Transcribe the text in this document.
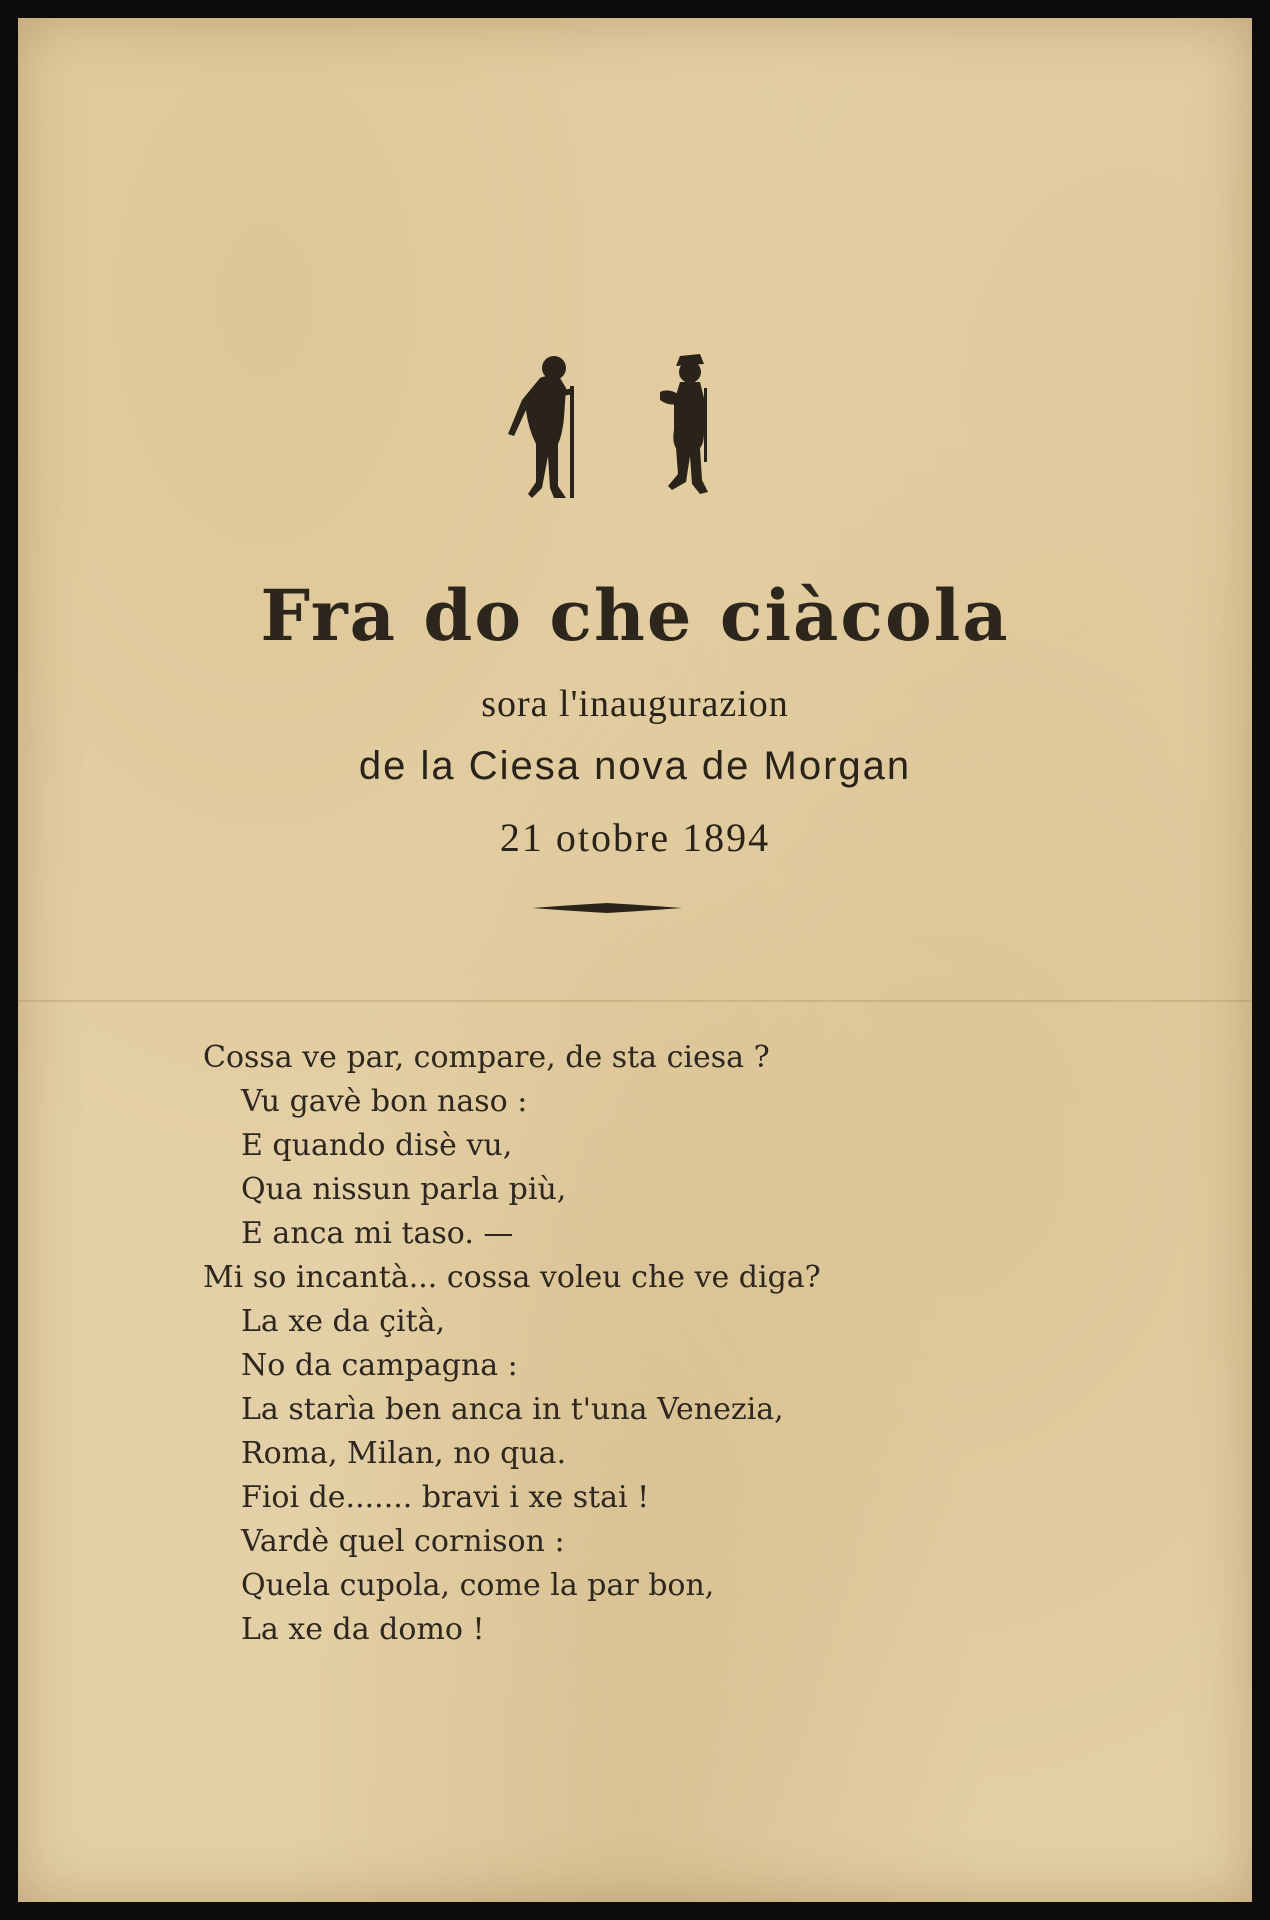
Fra do che ciàcola
sora l'inaugurazion
de la Ciesa nova de Morgan
21 otobre 1894
Cossa ve par, compare, de sta ciesa ?
Vu gavè bon naso :
E quando disè vu,
Qua nissun parla più,
E anca mi taso. —
Mi so incantà... cossa voleu che ve diga?
La xe da çità,
No da campagna :
La starìa ben anca in t'una Venezia,
Roma, Milan, no qua.
Fioi de....... bravi i xe stai !
Vardè quel cornison :
Quela cupola, come la par bon,
La xe da domo !
